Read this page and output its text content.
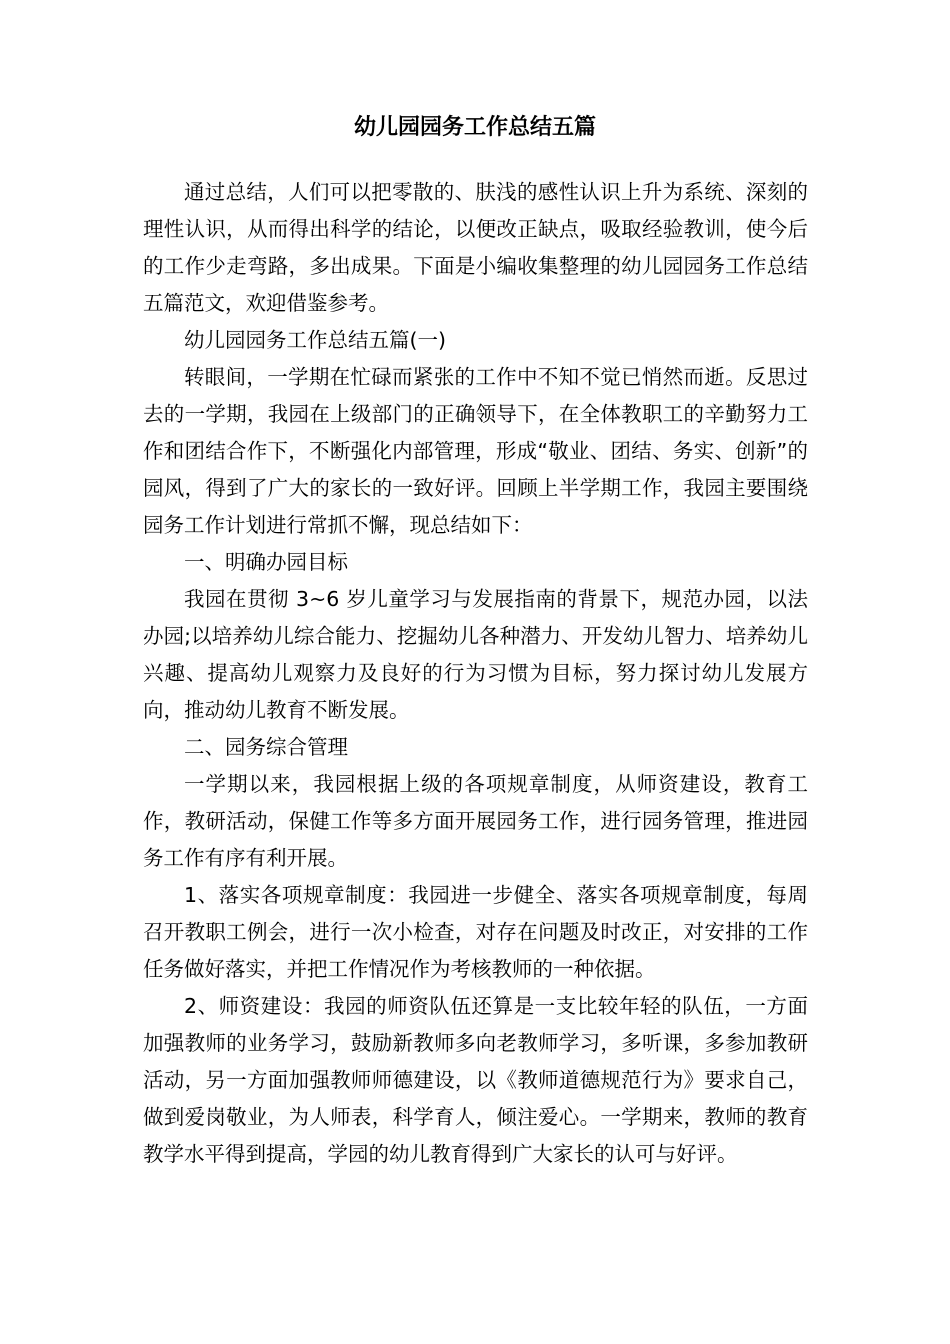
幼儿园园务工作总结五篇

通过总结，人们可以把零散的、肤浅的感性认识上升为系统、深刻的理性认识，从而得出科学的结论，以便改正缺点，吸取经验教训，使今后的工作少走弯路，多出成果。下面是小编收集整理的幼儿园园务工作总结五篇范文，欢迎借鉴参考。

幼儿园园务工作总结五篇(一)

转眼间，一学期在忙碌而紧张的工作中不知不觉已悄然而逝。反思过去的一学期，我园在上级部门的正确领导下，在全体教职工的辛勤努力工作和团结合作下，不断强化内部管理，形成“敬业、团结、务实、创新”的园风，得到了广大的家长的一致好评。回顾上半学期工作，我园主要围绕园务工作计划进行常抓不懈，现总结如下：

一、明确办园目标

我园在贯彻 3~6 岁儿童学习与发展指南的背景下，规范办园，以法办园;以培养幼儿综合能力、挖掘幼儿各种潜力、开发幼儿智力、培养幼儿兴趣、提高幼儿观察力及良好的行为习惯为目标，努力探讨幼儿发展方向，推动幼儿教育不断发展。

二、园务综合管理

一学期以来，我园根据上级的各项规章制度，从师资建设，教育工作，教研活动，保健工作等多方面开展园务工作，进行园务管理，推进园务工作有序有利开展。

1、落实各项规章制度：我园进一步健全、落实各项规章制度，每周召开教职工例会，进行一次小检查，对存在问题及时改正，对安排的工作任务做好落实，并把工作情况作为考核教师的一种依据。

2、师资建设：我园的师资队伍还算是一支比较年轻的队伍，一方面加强教师的业务学习，鼓励新教师多向老教师学习，多听课，多参加教研活动，另一方面加强教师师德建设，以《教师道德规范行为》要求自己，做到爱岗敬业，为人师表，科学育人，倾注爱心。一学期来，教师的教育教学水平得到提高，学园的幼儿教育得到广大家长的认可与好评。
